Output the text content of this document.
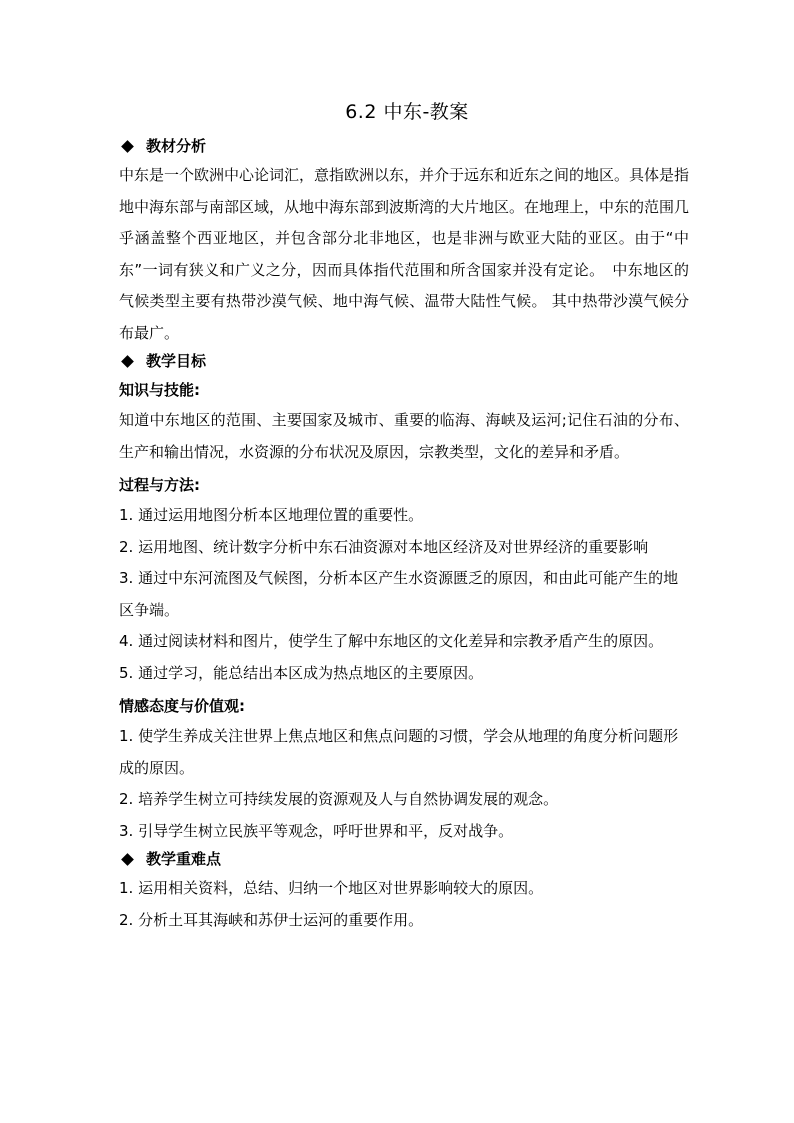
6.2 中东-教案
教材分析

中东是一个欧洲中心论词汇，意指欧洲以东，并介于远东和近东之间的地区。具体是指地中海东部与南部区域，从地中海东部到波斯湾的大片地区。在地理上，中东的范围几乎涵盖整个西亚地区，并包含部分北非地区，也是非洲与欧亚大陆的亚区。由于“中东”一词有狭义和广义之分，因而具体指代范围和所含国家并没有定论。　中东地区的气候类型主要有热带沙漠气候、地中海气候、温带大陆性气候。 其中热带沙漠气候分布最广。

教学目标
知识与技能:

知道中东地区的范围、主要国家及城市、重要的临海、海峡及运河;记住石油的分布、生产和输出情况，水资源的分布状况及原因，宗教类型，文化的差异和矛盾。

过程与方法:

1. 通过运用地图分析本区地理位置的重要性。

2. 运用地图、统计数字分析中东石油资源对本地区经济及对世界经济的重要影响

3. 通过中东河流图及气候图，分析本区产生水资源匮乏的原因，和由此可能产生的地区争端。

4. 通过阅读材料和图片，使学生了解中东地区的文化差异和宗教矛盾产生的原因。

5. 通过学习，能总结出本区成为热点地区的主要原因。

情感态度与价值观:

1. 使学生养成关注世界上焦点地区和焦点问题的习惯，学会从地理的角度分析问题形成的原因。

2. 培养学生树立可持续发展的资源观及人与自然协调发展的观念。

3. 引导学生树立民族平等观念，呼吁世界和平，反对战争。

教学重难点

1. 运用相关资料，总结、归纳一个地区对世界影响较大的原因。

2. 分析土耳其海峡和苏伊士运河的重要作用。
